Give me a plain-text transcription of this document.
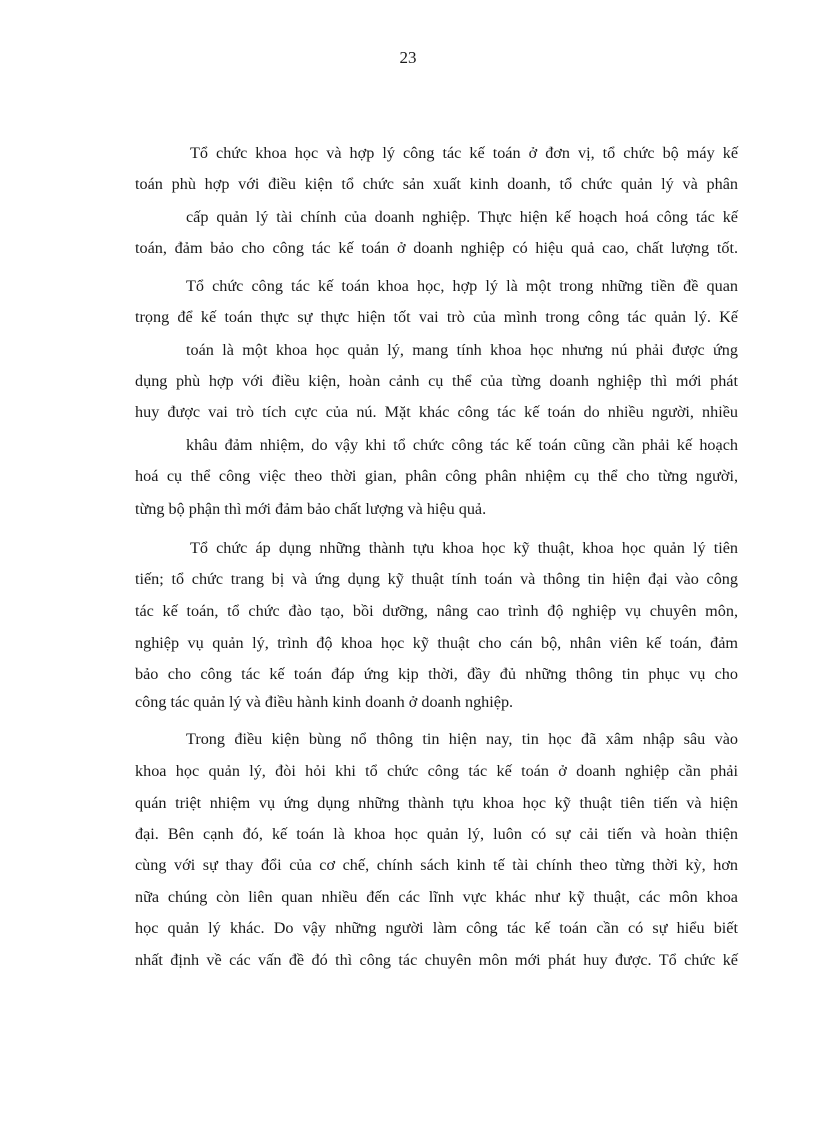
23
Tổ chức khoa học và hợp lý công tác kế toán ở đơn vị, tổ chức bộ máy kế
toán phù hợp với điều kiện tổ chức sản xuất kinh doanh, tổ chức quản lý và phân
cấp quản lý tài chính của doanh nghiệp. Thực hiện kế hoạch hoá công tác kế
toán, đảm bảo cho công tác kế toán ở doanh nghiệp có hiệu quả cao, chất lượng tốt.
Tổ chức công tác kế toán khoa học, hợp lý là một trong những tiền đề quan
trọng để kế toán thực sự thực hiện tốt vai trò của mình trong công tác quản lý. Kế
toán là một khoa học quản lý, mang tính khoa học nhưng nú phải được ứng
dụng phù hợp với điều kiện, hoàn cảnh cụ thể của từng doanh nghiệp thì mới phát
huy được vai trò tích cực của nú. Mặt khác công tác kế toán do nhiều người, nhiều
khâu đảm nhiệm, do vậy khi tổ chức công tác kế toán cũng cần phải kế hoạch
hoá cụ thể công việc theo thời gian, phân công phân nhiệm cụ thể cho từng người,
từng bộ phận thì mới đảm bảo chất lượng và hiệu quả.
Tổ chức áp dụng những thành tựu khoa học kỹ thuật, khoa học quản lý tiên
tiến; tổ chức trang bị và ứng dụng kỹ thuật tính toán và thông tin hiện đại vào công
tác kế toán, tổ chức đào tạo, bồi dưỡng, nâng cao trình độ nghiệp vụ chuyên môn,
nghiệp vụ quản lý, trình độ khoa học kỹ thuật cho cán bộ, nhân viên kế toán, đảm
bảo cho công tác kế toán đáp ứng kịp thời, đầy đủ những thông tin phục vụ cho
công tác quản lý và điều hành kinh doanh ở doanh nghiệp.
Trong điều kiện bùng nổ thông tin hiện nay, tin học đã xâm nhập sâu vào
khoa học quản lý, đòi hỏi khi tổ chức công tác kế toán ở doanh nghiệp cần phải
quán triệt nhiệm vụ ứng dụng những thành tựu khoa học kỹ thuật tiên tiến và hiện
đại. Bên cạnh đó, kế toán là khoa học quản lý, luôn có sự cải tiến và hoàn thiện
cùng với sự thay đổi của cơ chế, chính sách kinh tế tài chính theo từng thời kỳ, hơn
nữa chúng còn liên quan nhiều đến các lĩnh vực khác như kỹ thuật, các môn khoa
học quản lý khác. Do vậy những người làm công tác kế toán cần có sự hiểu biết
nhất định về các vấn đề đó thì công tác chuyên môn mới phát huy được. Tổ chức kế
